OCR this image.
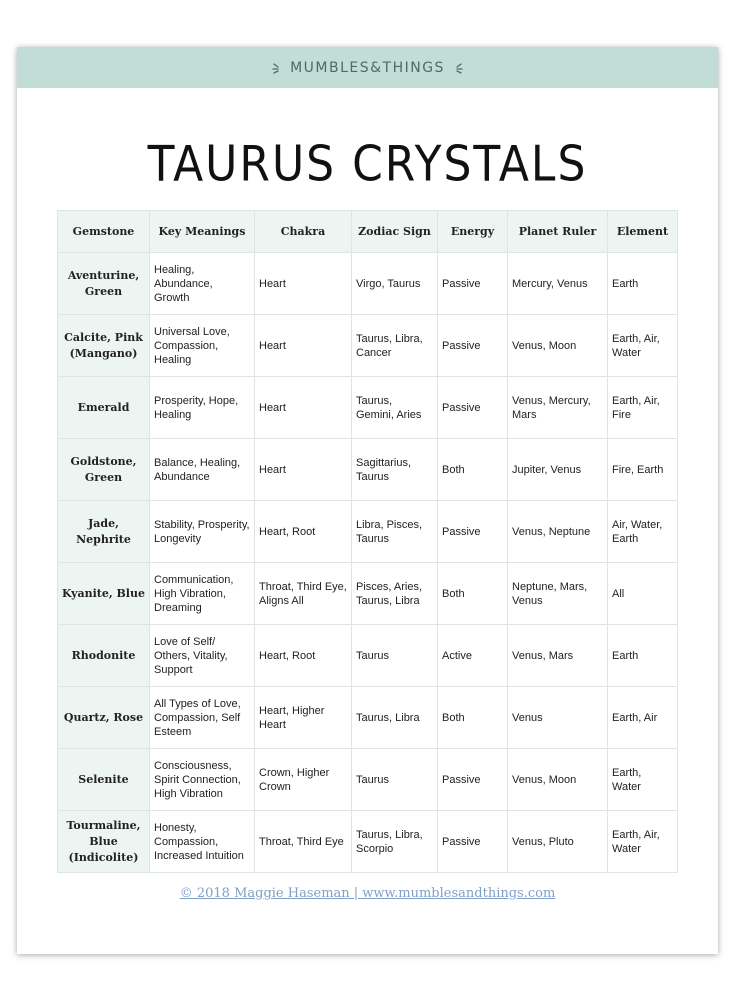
MUMBLES&THINGS
TAURUS CRYSTALS
Gemstone	Key Meanings	Chakra	Zodiac Sign	Energy	Planet Ruler	Element
Aventurine, Green	Healing, Abundance, Growth	Heart	Virgo, Taurus	Passive	Mercury, Venus	Earth
Calcite, Pink (Mangano)	Universal Love, Compassion, Healing	Heart	Taurus, Libra, Cancer	Passive	Venus, Moon	Earth, Air, Water
Emerald	Prosperity, Hope, Healing	Heart	Taurus, Gemini, Aries	Passive	Venus, Mercury, Mars	Earth, Air, Fire
Goldstone, Green	Balance, Healing, Abundance	Heart	Sagittarius, Taurus	Both	Jupiter, Venus	Fire, Earth
Jade, Nephrite	Stability, Prosperity, Longevity	Heart, Root	Libra, Pisces, Taurus	Passive	Venus, Neptune	Air, Water, Earth
Kyanite, Blue	Communication, High Vibration, Dreaming	Throat, Third Eye, Aligns All	Pisces, Aries, Taurus, Libra	Both	Neptune, Mars, Venus	All
Rhodonite	Love of Self/ Others, Vitality, Support	Heart, Root	Taurus	Active	Venus, Mars	Earth
Quartz, Rose	All Types of Love, Compassion, Self Esteem	Heart, Higher Heart	Taurus, Libra	Both	Venus	Earth, Air
Selenite	Consciousness, Spirit Connection, High Vibration	Crown, Higher Crown	Taurus	Passive	Venus, Moon	Earth, Water
Tourmaline, Blue (Indicolite)	Honesty, Compassion, Increased Intuition	Throat, Third Eye	Taurus, Libra, Scorpio	Passive	Venus, Pluto	Earth, Air, Water
© 2018 Maggie Haseman | www.mumblesandthings.com
